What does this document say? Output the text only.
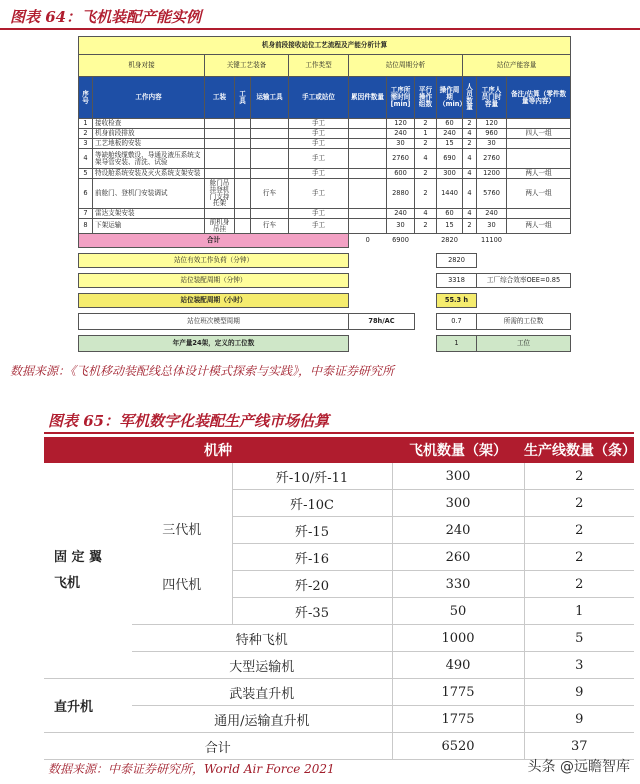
图表 64：飞机装配产能实例
机身前段接收站位工艺流程及产能分析计算												
机身对接		关键工艺装备			工作类型	站位周期分析				站位产能容量		
序号	工作内容	工装	工具	运输工具	手工或站位	累因件数量	工序所需时间[min]	平行操作组数	操作周期（min）	人员数量	工序人员门时容量	备注/估算（零件数量等内容）
1	接收检查				手工		120	2	60	2	120	
2	机身前段排放				手工		240	1	240	4	960	四人一组
3	工艺地板的安装				手工		30	2	15	2	30	
4	等缺舱线缆敷设、导通及液压系统支架导管安装、清洗、试验				手工		2760	4	690	4	2760	
5	特设舱系统安装及灭火系统支架安装				手工		600	2	300	4	1200	两人一组
6	前舱门、登机门安装调试	舱门吊挂登机门支持托架		行车	手工		2880	2	1440	4	5760	两人一组
7	雷达支架安装				手工		240	4	60	4	240	
8	下架运输	前机身吊挂		行车	手工		30	2	15	2	30	两人一组
合计						0	6900		2820		11100	

站位有效工作负荷（分钟）									2820			

站位装配周期（分钟）									3318		工厂综合效率OEE=0.85	

站位装配周期（小时）									55.3 h			

站位班次模型周期						78h/AC			0.7		所需的工位数	

年产量24架，定义的工位数									1		工位	
数据来源：《飞机移动装配线总体设计模式探索与实践》，中泰证券研究所
图表 65：军机数字化装配生产线市场估算
机种			飞机数量（架）	生产线数量（条）

固 定 翼
飞机	三代机	歼-10/歼-11	300	2
		歼-10C	300	2
		歼-15	240	2
	四代机	歼-16	260	2
		歼-20	330	2
		歼-35	50	1
	特种飞机		1000	5
	大型运输机		490	3
直升机	武装直升机		1775	9
	通用/运输直升机		1775	9
合计			6520	37
数据来源：中泰证券研究所，World Air Force 2021	头条 @远瞻智库
